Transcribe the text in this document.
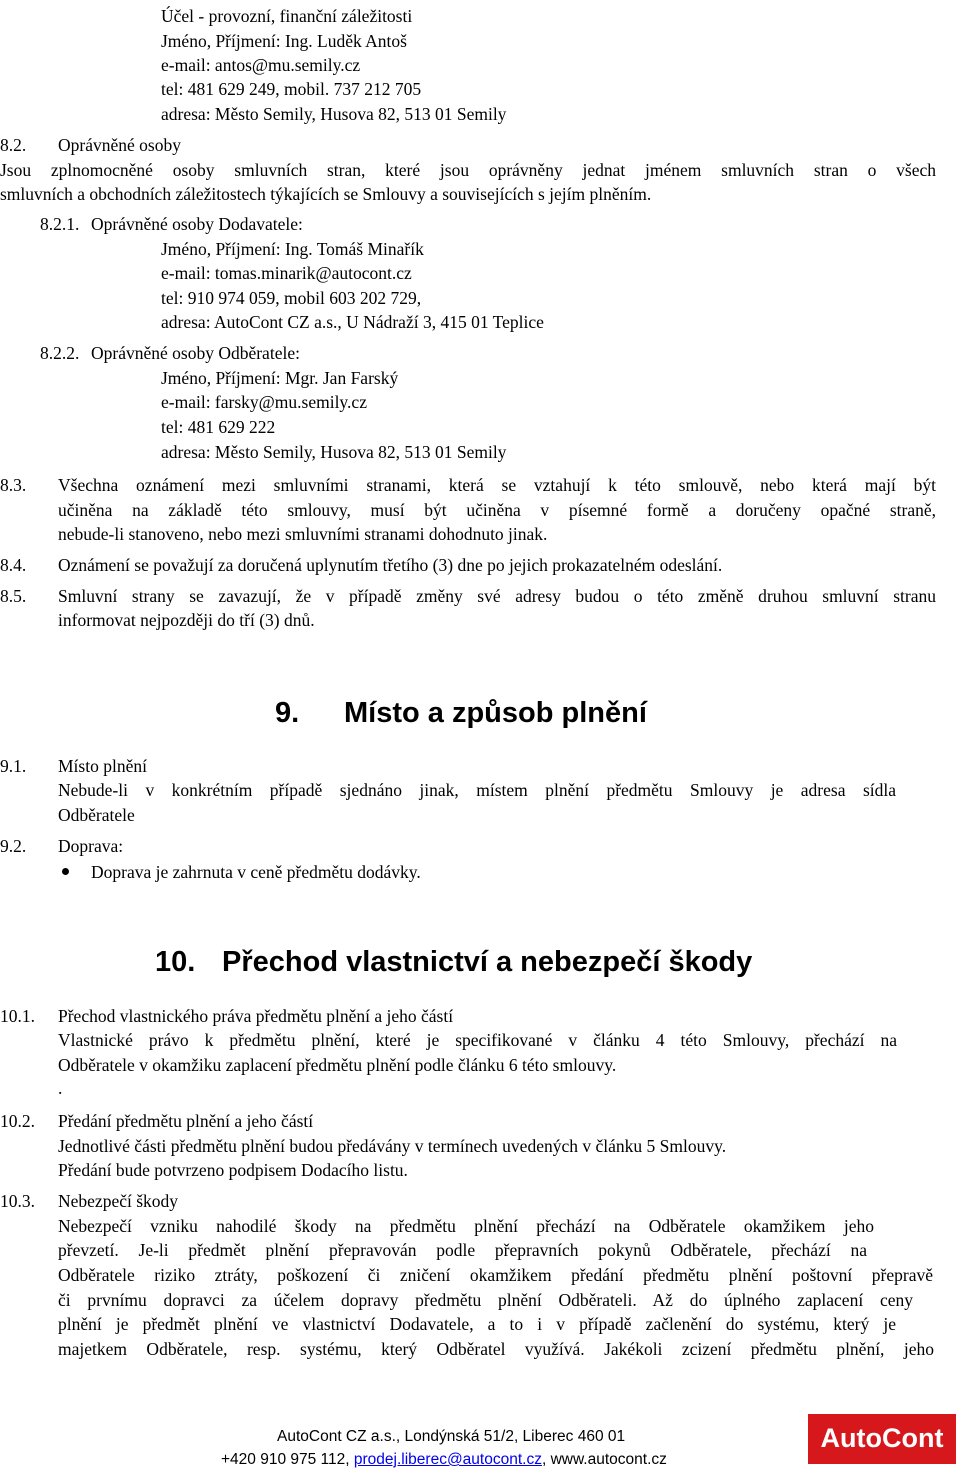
Účel - provozní, finanční záležitosti
Jméno, Příjmení: Ing. Luděk Antoš
e-mail: antos@mu.semily.cz
tel: 481 629 249, mobil. 737 212 705
adresa: Město Semily, Husova 82, 513 01 Semily
8.2. Oprávněné osoby
Jsou zplnomocněné osoby smluvních stran, které jsou oprávněny jednat jménem smluvních stran o všech
smluvních a obchodních záležitostech týkajících se Smlouvy a souvisejících s jejím plněním.
8.2.1. Oprávněné osoby Dodavatele:
Jméno, Příjmení: Ing. Tomáš Minařík
e-mail: tomas.minarik@autocont.cz
tel: 910 974 059, mobil 603 202 729,
adresa: AutoCont CZ a.s., U Nádraží 3, 415 01 Teplice
8.2.2. Oprávněné osoby Odběratele:
Jméno, Příjmení: Mgr. Jan Farský
e-mail: farsky@mu.semily.cz
tel: 481 629 222
adresa: Město Semily, Husova 82, 513 01 Semily
8.3. Všechna oznámení mezi smluvními stranami, která se vztahují k této smlouvě, nebo která mají být
učiněna na základě této smlouvy, musí být učiněna v písemné formě a doručeny opačné straně,
nebude-li stanoveno, nebo mezi smluvními stranami dohodnuto jinak.
8.4. Oznámení se považují za doručená uplynutím třetího (3) dne po jejich prokazatelném odeslání.
8.5. Smluvní strany se zavazují, že v případě změny své adresy budou o této změně druhou smluvní stranu
informovat nejpozději do tří (3) dnů.
9. Místo a způsob plnění
9.1. Místo plnění
Nebude-li v konkrétním případě sjednáno jinak, místem plnění předmětu Smlouvy je adresa sídla
Odběratele
9.2. Doprava:
Doprava je zahrnuta v ceně předmětu dodávky.
10. Přechod vlastnictví a nebezpečí škody
10.1. Přechod vlastnického práva předmětu plnění a jeho částí
Vlastnické právo k předmětu plnění, které je specifikované v článku 4 této Smlouvy, přechází na
Odběratele v okamžiku zaplacení předmětu plnění podle článku 6 této smlouvy.
.
10.2. Předání předmětu plnění a jeho částí
Jednotlivé části předmětu plnění budou předávány v termínech uvedených v článku 5 Smlouvy.
Předání bude potvrzeno podpisem Dodacího listu.
10.3. Nebezpečí škody
Nebezpečí vzniku nahodilé škody na předmětu plnění přechází na Odběratele okamžikem jeho
převzetí. Je-li předmět plnění přepravován podle přepravních pokynů Odběratele, přechází na
Odběratele riziko ztráty, poškození či zničení okamžikem předání předmětu plnění poštovní přepravě
či prvnímu dopravci za účelem dopravy předmětu plnění Odběrateli. Až do úplného zaplacení ceny
plnění je předmět plnění ve vlastnictví Dodavatele, a to i v případě začlenění do systému, který je
majetkem Odběratele, resp. systému, který Odběratel využívá. Jakékoli zcizení předmětu plnění, jeho
AutoCont CZ a.s., Londýnská 51/2, Liberec 460 01
+420 910 975 112, prodej.liberec@autocont.cz, www.autocont.cz
AutoCont
